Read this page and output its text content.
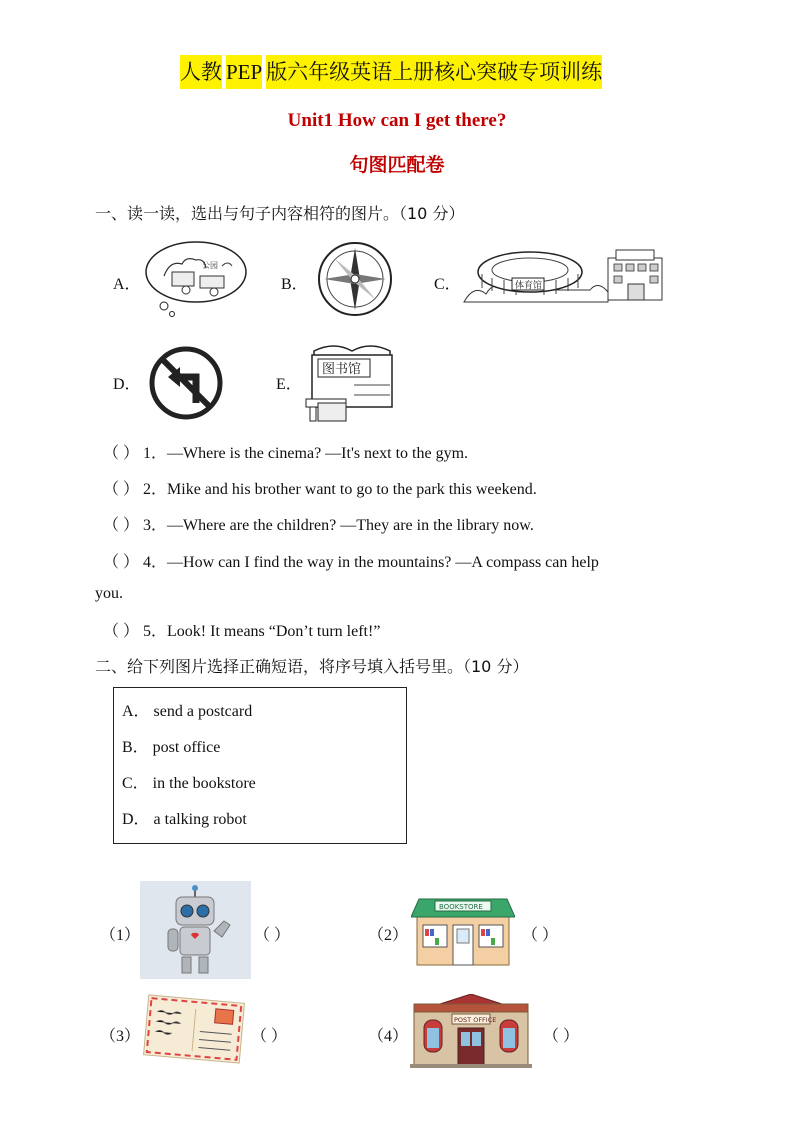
人教 PEP 版六年级英语上册核心突破专项训练
Unit1 How can I get there?
句图匹配卷
一、读一读，选出与句子内容相符的图片。（10 分）
A．
公园
B．	C．	体育馆
D．	E．
图书馆
（ ） 1．—Where is the cinema? —It's next to the gym.
（ ） 2．Mike and his brother want to go to the park this weekend.
（ ） 3．—Where are the children? —They are in the library now.
（ ） 4．—How can I find the way in the mountains? —A compass can help
you.
（ ） 5．Look! It means “Don’t turn left!”
二、给下列图片选择正确短语，将序号填入括号里。（10 分）
A． send a postcard
B． post office
C． in the bookstore
D． a talking robot
（1）	（ ）	（2）
BOOKSTORE
（ ）
（3）	（ ）	（4）
POST OFFICE
（ ）
